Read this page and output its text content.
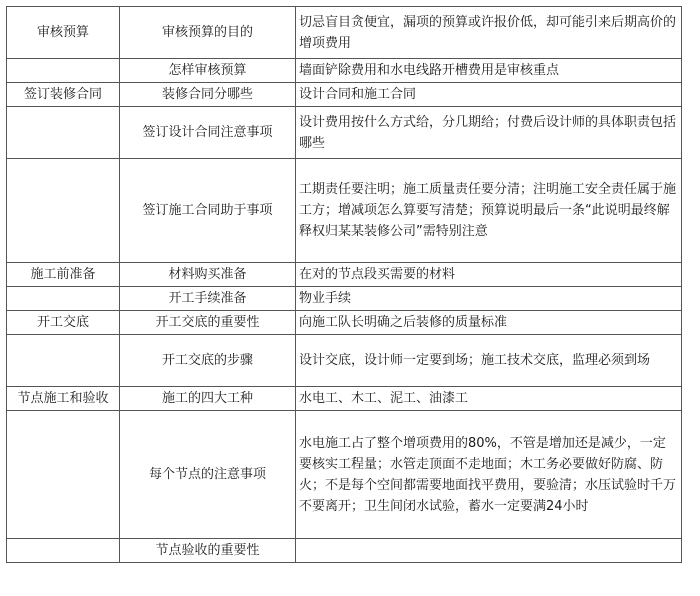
审核预算	审核预算的目的	切忌盲目贪便宜，漏项的预算或许报价低，却可能引来后期高价的增项费用
	怎样审核预算	墙面铲除费用和水电线路开槽费用是审核重点
签订装修合同	装修合同分哪些	设计合同和施工合同
	签订设计合同注意事项	设计费用按什么方式给，分几期给；付费后设计师的具体职责包括哪些
	签订施工合同助于事项	工期责任要注明；施工质量责任要分清；注明施工安全责任属于施工方；增减项怎么算要写清楚；预算说明最后一条“此说明最终解释权归某某装修公司”需特别注意
施工前准备	材料购买准备	在对的节点段买需要的材料
	开工手续准备	物业手续
开工交底	开工交底的重要性	向施工队长明确之后装修的质量标准
	开工交底的步骤	设计交底，设计师一定要到场；施工技术交底，监理必须到场
节点施工和验收	施工的四大工种	水电工、木工、泥工、油漆工
	每个节点的注意事项	水电施工占了整个增项费用的80%，不管是增加还是减少，一定要核实工程量；水管走顶面不走地面；木工务必要做好防腐、防火；不是每个空间都需要地面找平费用，要验清；水压试验时千万不要离开；卫生间闭水试验，蓄水一定要满24小时
	节点验收的重要性	
